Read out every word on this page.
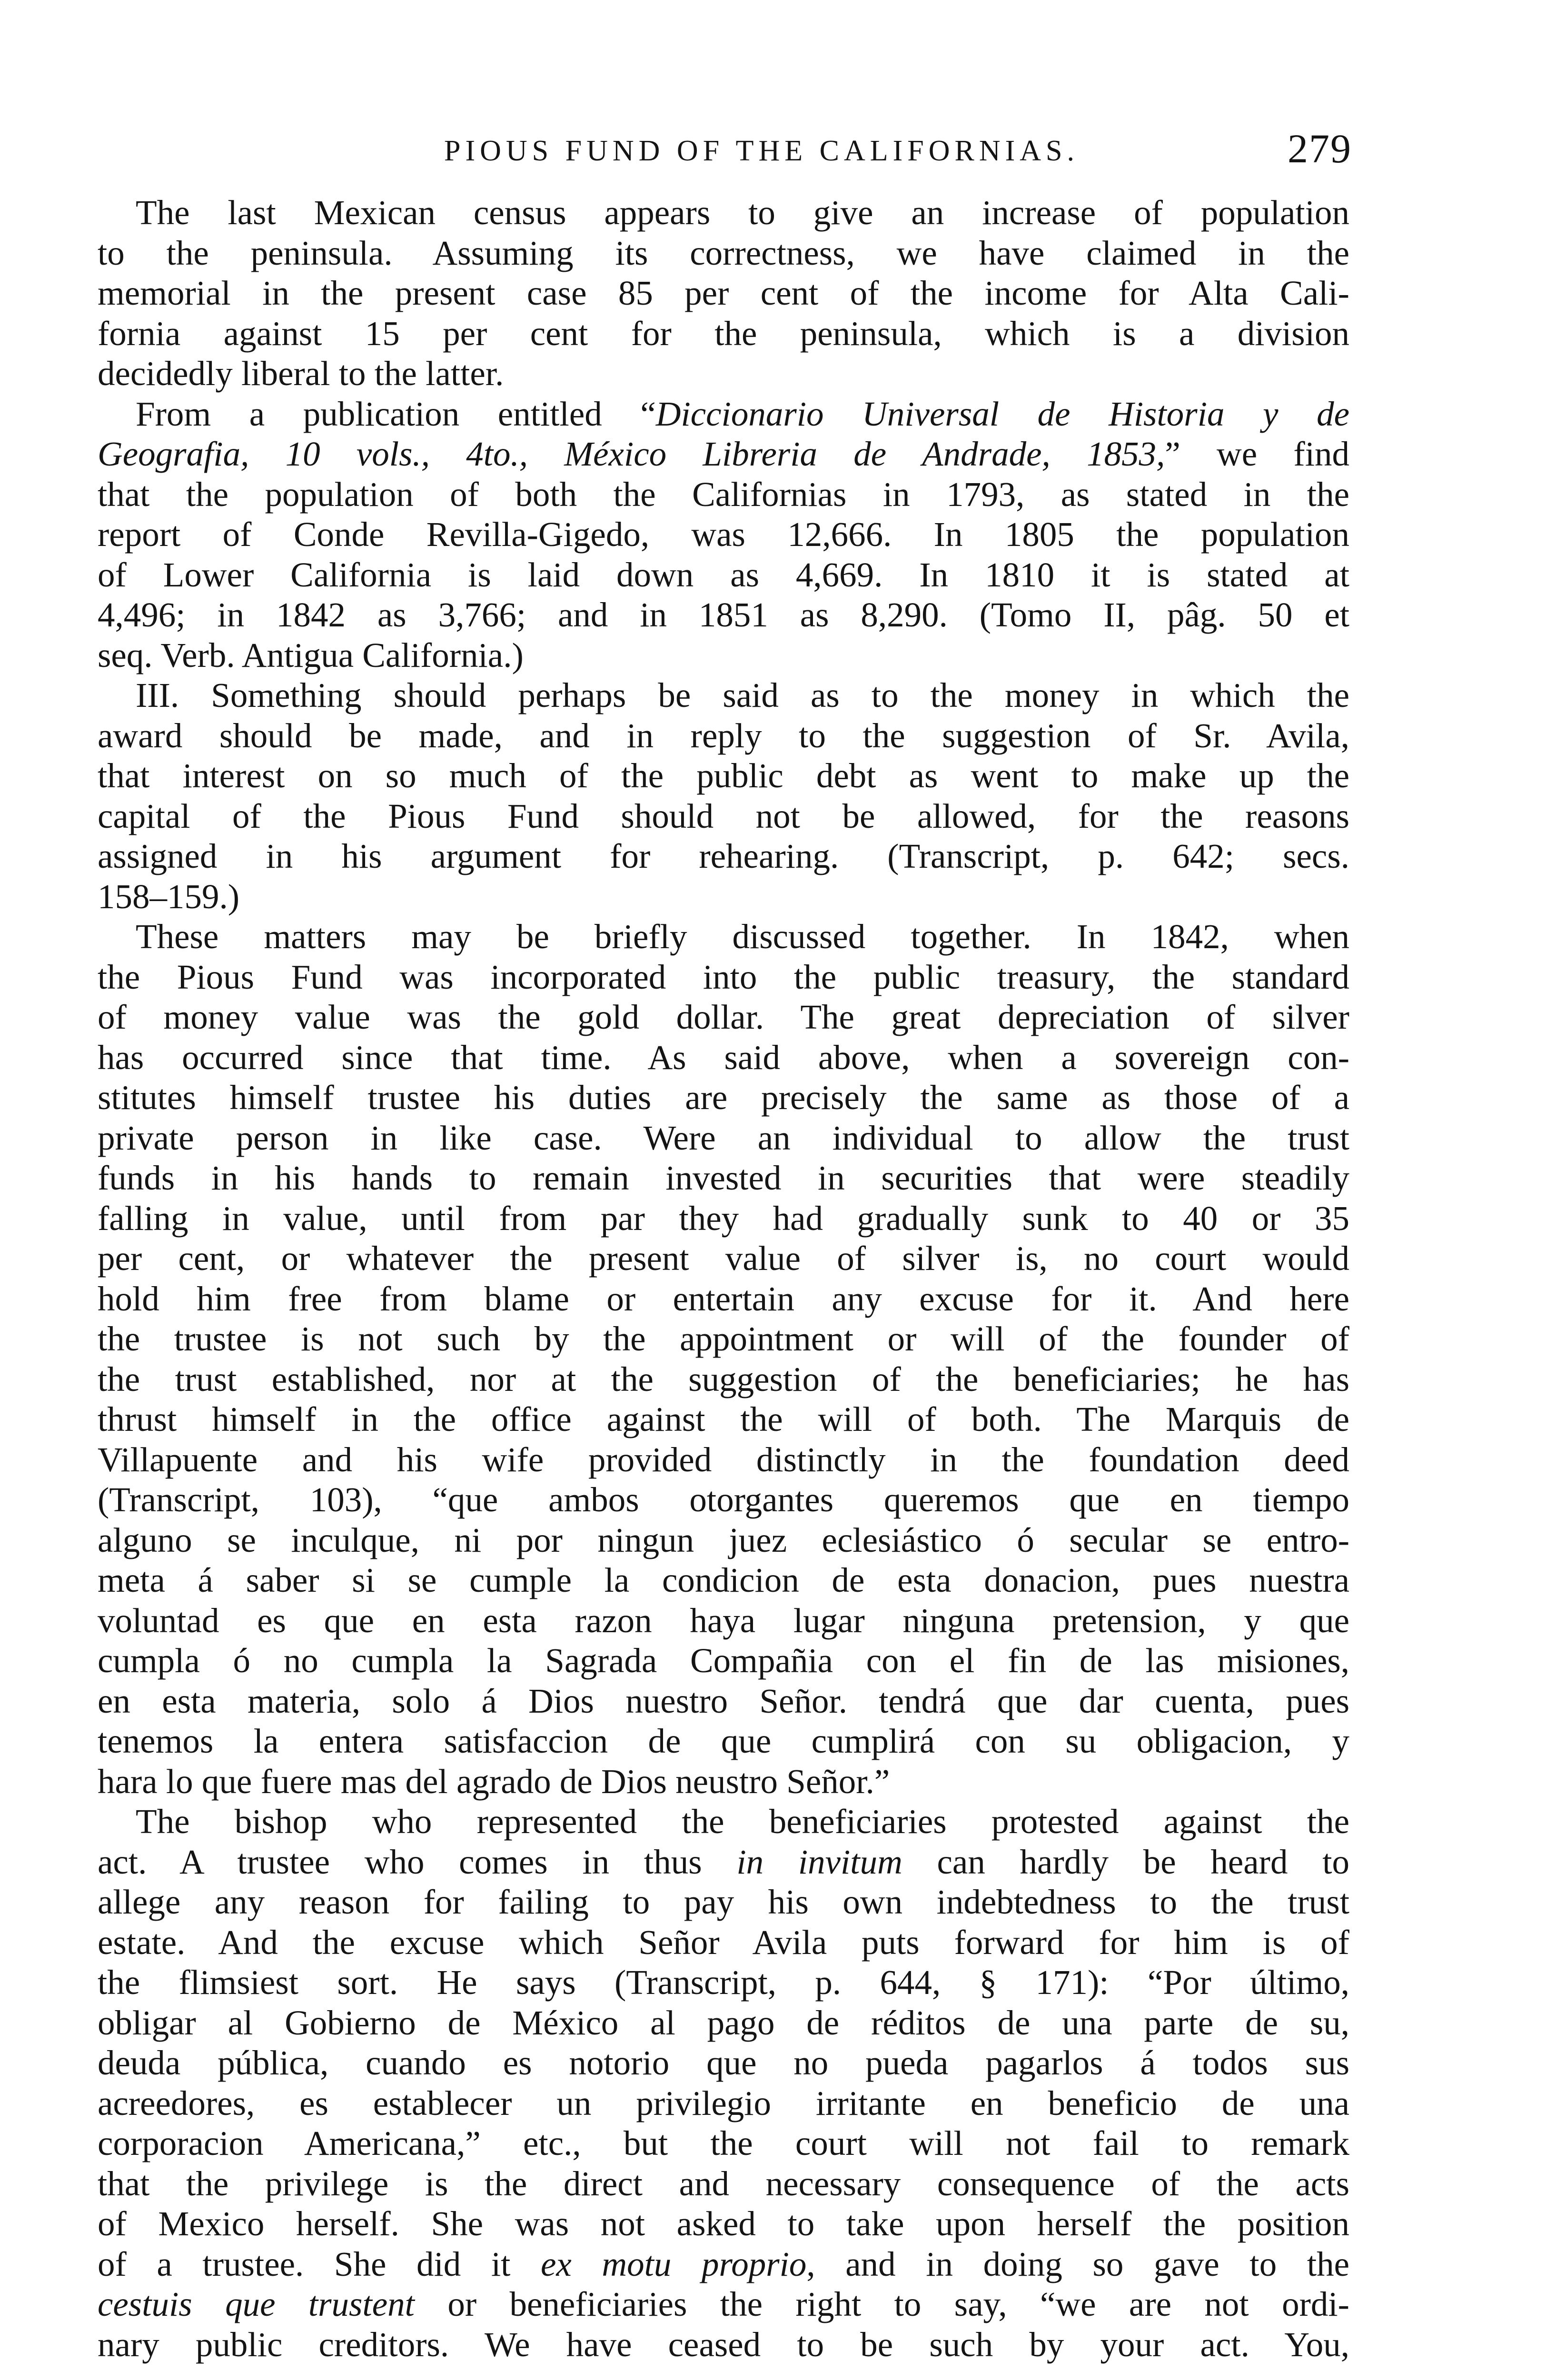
PIOUS FUND OF THE CALIFORNIAS.	279
The last Mexican census appears to give an increase of population
to the peninsula. Assuming its correctness, we have claimed in the
memorial in the present case 85 per cent of the income for Alta Cali-
fornia against 15 per cent for the peninsula, which is a division
decidedly liberal to the latter.
From a publication entitled “Diccionario Universal de Historia y de
Geografia, 10 vols., 4to., México Libreria de Andrade, 1853,” we find
that the population of both the Californias in 1793, as stated in the
report of Conde Revilla-Gigedo, was 12,666. In 1805 the population
of Lower California is laid down as 4,669. In 1810 it is stated at
4,496; in 1842 as 3,766; and in 1851 as 8,290. (Tomo II, pâg. 50 et
seq. Verb. Antigua California.)
III. Something should perhaps be said as to the money in which the
award should be made, and in reply to the suggestion of Sr. Avila,
that interest on so much of the public debt as went to make up the
capital of the Pious Fund should not be allowed, for the reasons
assigned in his argument for rehearing. (Transcript, p. 642; secs.
158–159.)
These matters may be briefly discussed together. In 1842, when
the Pious Fund was incorporated into the public treasury, the standard
of money value was the gold dollar. The great depreciation of silver
has occurred since that time. As said above, when a sovereign con-
stitutes himself trustee his duties are precisely the same as those of a
private person in like case. Were an individual to allow the trust
funds in his hands to remain invested in securities that were steadily
falling in value, until from par they had gradually sunk to 40 or 35
per cent, or whatever the present value of silver is, no court would
hold him free from blame or entertain any excuse for it. And here
the trustee is not such by the appointment or will of the founder of
the trust established, nor at the suggestion of the beneficiaries; he has
thrust himself in the office against the will of both. The Marquis de
Villapuente and his wife provided distinctly in the foundation deed
(Transcript, 103), “que ambos otorgantes queremos que en tiempo
alguno se inculque, ni por ningun juez eclesiástico ó secular se entro-
meta á saber si se cumple la condicion de esta donacion, pues nuestra
voluntad es que en esta razon haya lugar ninguna pretension, y que
cumpla ó no cumpla la Sagrada Compañia con el fin de las misiones,
en esta materia, solo á Dios nuestro Señor. tendrá que dar cuenta, pues
tenemos la entera satisfaccion de que cumplirá con su obligacion, y
hara lo que fuere mas del agrado de Dios neustro Señor.”
The bishop who represented the beneficiaries protested against the
act. A trustee who comes in thus in invitum can hardly be heard to
allege any reason for failing to pay his own indebtedness to the trust
estate. And the excuse which Señor Avila puts forward for him is of
the flimsiest sort. He says (Transcript, p. 644, § 171): “Por último,
obligar al Gobierno de México al pago de réditos de una parte de su,
deuda pública, cuando es notorio que no pueda pagarlos á todos sus
acreedores, es establecer un privilegio irritante en beneficio de una
corporacion Americana,” etc., but the court will not fail to remark
that the privilege is the direct and necessary consequence of the acts
of Mexico herself. She was not asked to take upon herself the position
of a trustee. She did it ex motu proprio, and in doing so gave to the
cestuis que trustent or beneficiaries the right to say, “we are not ordi-
nary public creditors. We have ceased to be such by your act. You,
